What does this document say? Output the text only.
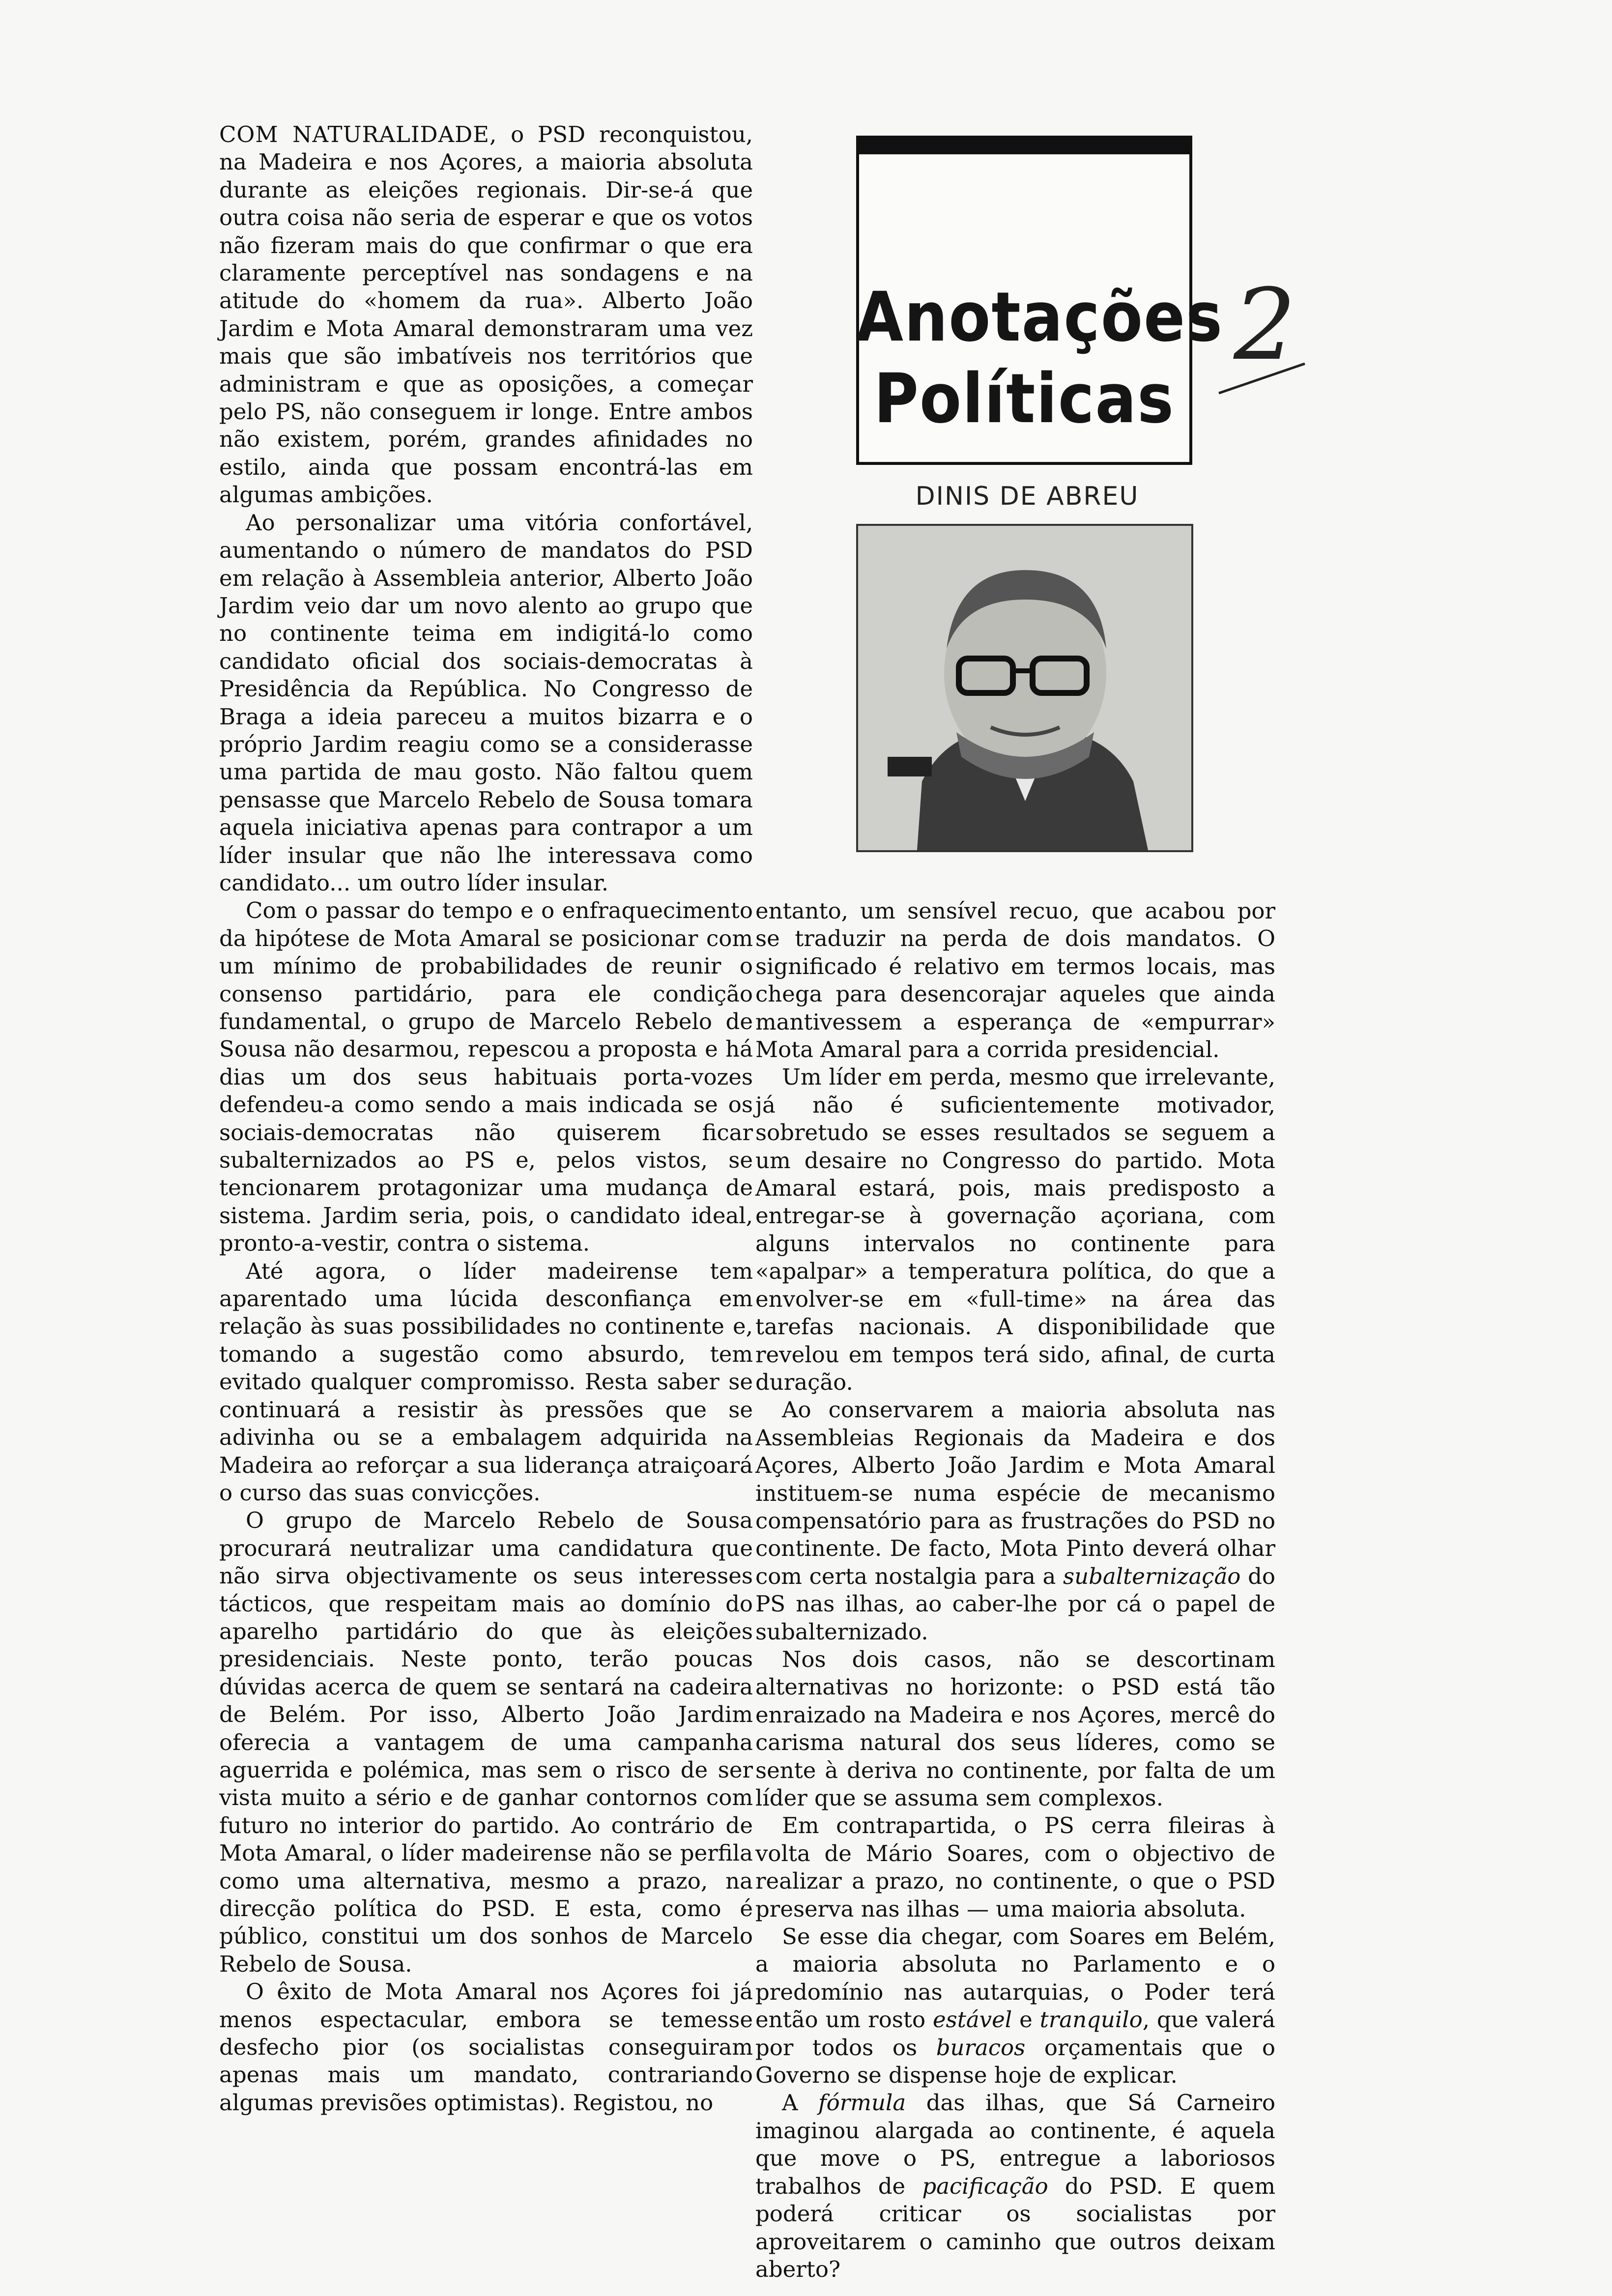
Anotações
Políticas
2
DINIS DE ABREU

COM NATURALIDADE, o PSD reconquistou, na Madeira e nos Açores, a maioria absoluta durante as eleições regionais. Dir-se-á que outra coisa não seria de esperar e que os votos não fizeram mais do que confirmar o que era claramente perceptível nas sondagens e na atitude do «homem da rua». Alberto João Jardim e Mota Amaral demonstraram uma vez mais que são imbatíveis nos territórios que administram e que as oposições, a começar pelo PS, não conseguem ir longe. Entre ambos não existem, porém, grandes afinidades no estilo, ainda que possam encontrá-las em algumas ambições.

Ao personalizar uma vitória confortável, aumentando o número de mandatos do PSD em relação à Assembleia anterior, Alberto João Jardim veio dar um novo alento ao grupo que no continente teima em indigitá-lo como candidato oficial dos sociais-democratas à Presidência da República. No Congresso de Braga a ideia pareceu a muitos bizarra e o próprio Jardim reagiu como se a considerasse uma partida de mau gosto. Não faltou quem pensasse que Marcelo Rebelo de Sousa tomara aquela iniciativa apenas para contrapor a um líder insular que não lhe interessava como candidato... um outro líder insular.

Com o passar do tempo e o enfraquecimento da hipótese de Mota Amaral se posicionar com um mínimo de probabilidades de reunir o consenso partidário, para ele condição fundamental, o grupo de Marcelo Rebelo de Sousa não desarmou, repescou a proposta e há dias um dos seus habituais porta-vozes defendeu-a como sendo a mais indicada se os sociais-democratas não quiserem ficar subalternizados ao PS e, pelos vistos, se tencionarem protagonizar uma mudança de sistema. Jardim seria, pois, o candidato ideal, pronto-a-vestir, contra o sistema.

Até agora, o líder madeirense tem aparentado uma lúcida desconfiança em relação às suas possibilidades no continente e, tomando a sugestão como absurdo, tem evitado qualquer compromisso. Resta saber se continuará a resistir às pressões que se adivinha ou se a embalagem adquirida na Madeira ao reforçar a sua liderança atraiçoará o curso das suas convicções.

O grupo de Marcelo Rebelo de Sousa procurará neutralizar uma candidatura que não sirva objectivamente os seus interesses tácticos, que respeitam mais ao domínio do aparelho partidário do que às eleições presidenciais. Neste ponto, terão poucas dúvidas acerca de quem se sentará na cadeira de Belém. Por isso, Alberto João Jardim oferecia a vantagem de uma campanha aguerrida e polémica, mas sem o risco de ser vista muito a sério e de ganhar contornos com futuro no interior do partido. Ao contrário de Mota Amaral, o líder madeirense não se perfila como uma alternativa, mesmo a prazo, na direcção política do PSD. E esta, como é público, constitui um dos sonhos de Marcelo Rebelo de Sousa.

O êxito de Mota Amaral nos Açores foi já menos espectacular, embora se temesse desfecho pior (os socialistas conseguiram apenas mais um mandato, contrariando algumas previsões optimistas). Registou, no

entanto, um sensível recuo, que acabou por se traduzir na perda de dois mandatos. O significado é relativo em termos locais, mas chega para desencorajar aqueles que ainda mantivessem a esperança de «empurrar» Mota Amaral para a corrida presidencial.

Um líder em perda, mesmo que irrelevante, já não é suficientemente motivador, sobretudo se esses resultados se seguem a um desaire no Congresso do partido. Mota Amaral estará, pois, mais predisposto a entregar-se à governação açoriana, com alguns intervalos no continente para «apalpar» a temperatura política, do que a envolver-se em «full-time» na área das tarefas nacionais. A disponibilidade que revelou em tempos terá sido, afinal, de curta duração.

Ao conservarem a maioria absoluta nas Assembleias Regionais da Madeira e dos Açores, Alberto João Jardim e Mota Amaral instituem-se numa espécie de mecanismo compensatório para as frustrações do PSD no continente. De facto, Mota Pinto deverá olhar com certa nostalgia para a subalternização do PS nas ilhas, ao caber-lhe por cá o papel de subalternizado.

Nos dois casos, não se descortinam alternativas no horizonte: o PSD está tão enraizado na Madeira e nos Açores, mercê do carisma natural dos seus líderes, como se sente à deriva no continente, por falta de um líder que se assuma sem complexos.

Em contrapartida, o PS cerra fileiras à volta de Mário Soares, com o objectivo de realizar a prazo, no continente, o que o PSD preserva nas ilhas — uma maioria absoluta.

Se esse dia chegar, com Soares em Belém, a maioria absoluta no Parlamento e o predomínio nas autarquias, o Poder terá então um rosto estável e tranquilo, que valerá por todos os buracos orçamentais que o Governo se dispense hoje de explicar.

A fórmula das ilhas, que Sá Carneiro imaginou alargada ao continente, é aquela que move o PS, entregue a laboriosos trabalhos de pacificação do PSD. E quem poderá criticar os socialistas por aproveitarem o caminho que outros deixam aberto?
